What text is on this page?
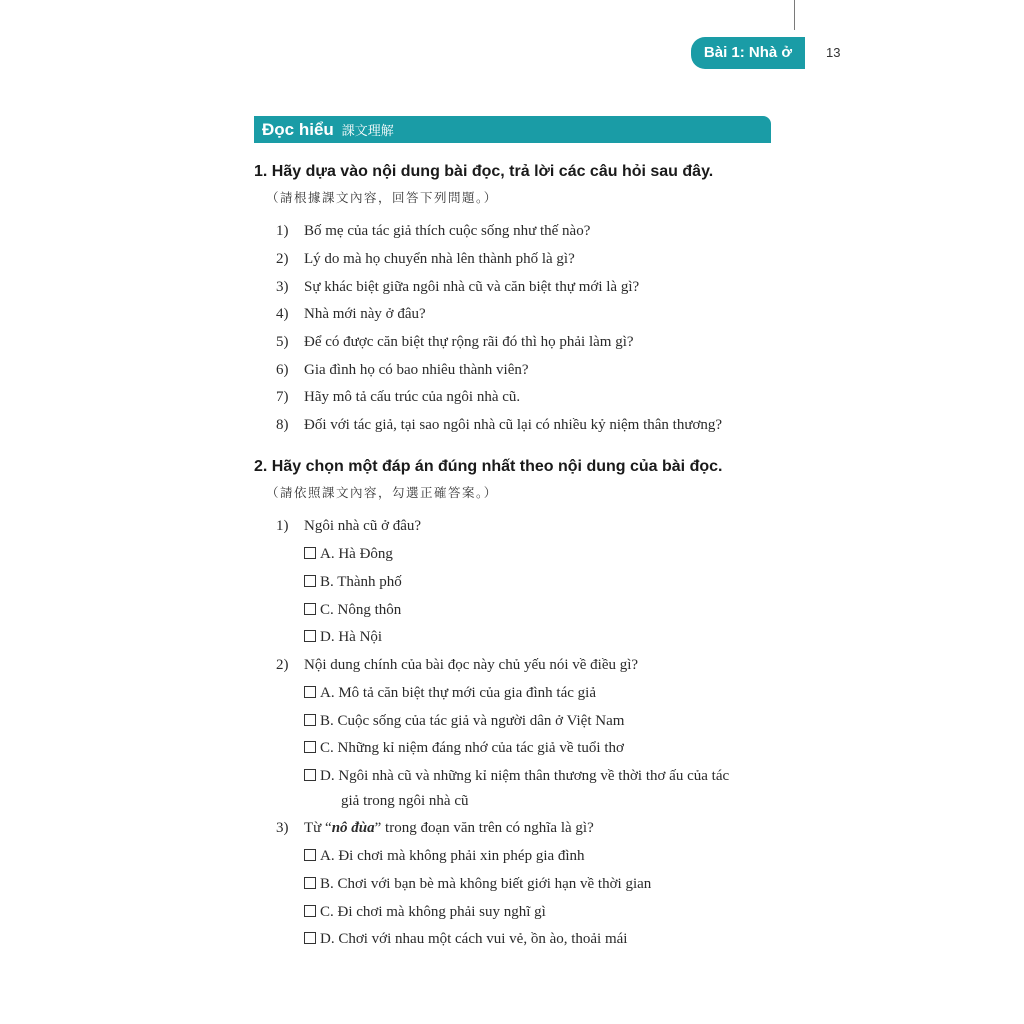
Bài 1: Nhà ở	13
Đọc hiểu 課文理解
1. Hãy dựa vào nội dung bài đọc, trả lời các câu hỏi sau đây.
（請根據課文內容，回答下列問題。）
1) Bố mẹ của tác giả thích cuộc sống như thế nào?
2) Lý do mà họ chuyển nhà lên thành phố là gì?
3) Sự khác biệt giữa ngôi nhà cũ và căn biệt thự mới là gì?
4) Nhà mới này ở đâu?
5) Để có được căn biệt thự rộng rãi đó thì họ phải làm gì?
6) Gia đình họ có bao nhiêu thành viên?
7) Hãy mô tả cấu trúc của ngôi nhà cũ.
8) Đối với tác giả, tại sao ngôi nhà cũ lại có nhiều kỷ niệm thân thương?
2. Hãy chọn một đáp án đúng nhất theo nội dung của bài đọc.
（請依照課文內容，勾選正確答案。）
1) Ngôi nhà cũ ở đâu?
A. Hà Đông
B. Thành phố
C. Nông thôn
D. Hà Nội
2) Nội dung chính của bài đọc này chủ yếu nói về điều gì?
A. Mô tả căn biệt thự mới của gia đình tác giả
B. Cuộc sống của tác giả và người dân ở Việt Nam
C. Những kỉ niệm đáng nhớ của tác giả về tuổi thơ
D. Ngôi nhà cũ và những kỉ niệm thân thương về thời thơ ấu của tác
giả trong ngôi nhà cũ
3) Từ “nô đùa” trong đoạn văn trên có nghĩa là gì?
A. Đi chơi mà không phải xin phép gia đình
B. Chơi với bạn bè mà không biết giới hạn về thời gian
C. Đi chơi mà không phải suy nghĩ gì
D. Chơi với nhau một cách vui vẻ, ồn ào, thoải mái
